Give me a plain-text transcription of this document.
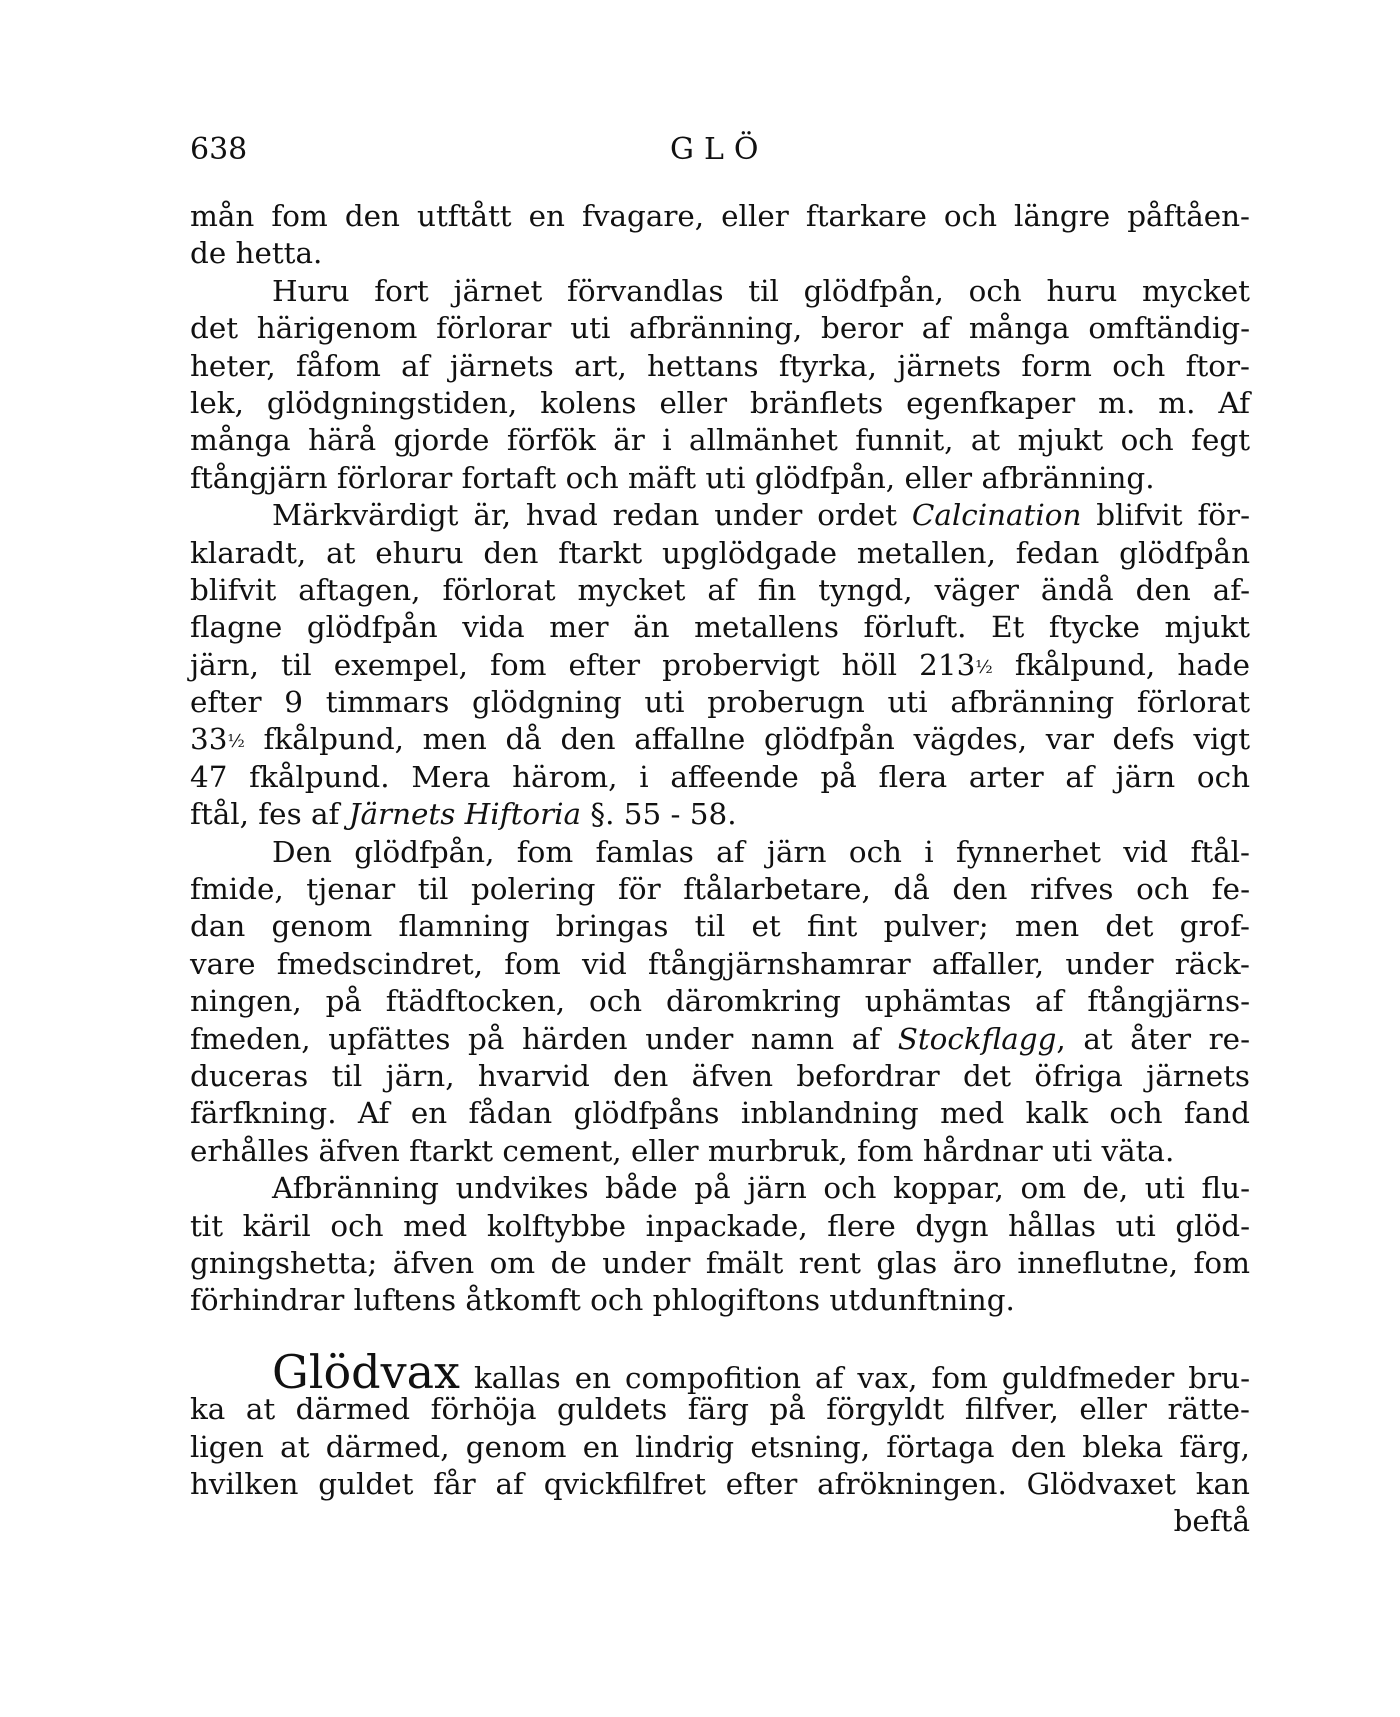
638	GLÖ
mån fom den utftått en fvagare, eller ftarkare och längre påftåen-
de hetta.
Huru fort järnet förvandlas til glödfpån, och huru mycket
det härigenom förlorar uti afbränning, beror af många omftändig-
heter, fåfom af järnets art, hettans ftyrka, järnets form och ftor-
lek, glödgningstiden, kolens eller bränflets egenfkaper m. m. Af
många härå gjorde förfök är i allmänhet funnit, at mjukt och fegt
ftångjärn förlorar fortaft och mäft uti glödfpån, eller afbränning.
Märkvärdigt är, hvad redan under ordet Calcination blifvit för-
klaradt, at ehuru den ftarkt upglödgade metallen, fedan glödfpån
blifvit aftagen, förlorat mycket af fin tyngd, väger ändå den af-
flagne glödfpån vida mer än metallens förluft. Et ftycke mjukt
järn, til exempel, fom efter probervigt höll 213½ fkålpund, hade
efter 9 timmars glödgning uti proberugn uti afbränning förlorat
33½ fkålpund, men då den affallne glödfpån vägdes, var defs vigt
47 fkålpund. Mera härom, i affeende på flera arter af järn och
ftål, fes af Järnets Hiftoria §. 55 - 58.
Den glödfpån, fom famlas af järn och i fynnerhet vid ftål-
fmide, tjenar til polering för ftålarbetare, då den rifves och fe-
dan genom flamning bringas til et fint pulver; men det grof-
vare fmedscindret, fom vid ftångjärnshamrar affaller, under räck-
ningen, på ftädftocken, och däromkring uphämtas af ftångjärns-
fmeden, upfättes på härden under namn af Stockflagg, at åter re-
duceras til järn, hvarvid den äfven befordrar det öfriga järnets
färfkning. Af en fådan glödfpåns inblandning med kalk och fand
erhålles äfven ftarkt cement, eller murbruk, fom hårdnar uti väta.
Afbränning undvikes både på järn och koppar, om de, uti flu-
tit käril och med kolftybbe inpackade, flere dygn hållas uti glöd-
gningshetta; äfven om de under fmält rent glas äro inneflutne, fom
förhindrar luftens åtkomft och phlogiftons utdunftning.
Glödvax kallas en compofition af vax, fom guldfmeder bru-
ka at därmed förhöja guldets färg på förgyldt filfver, eller rätte-
ligen at därmed, genom en lindrig etsning, förtaga den bleka färg,
hvilken guldet får af qvickfilfret efter afrökningen. Glödvaxet kan
beftå
